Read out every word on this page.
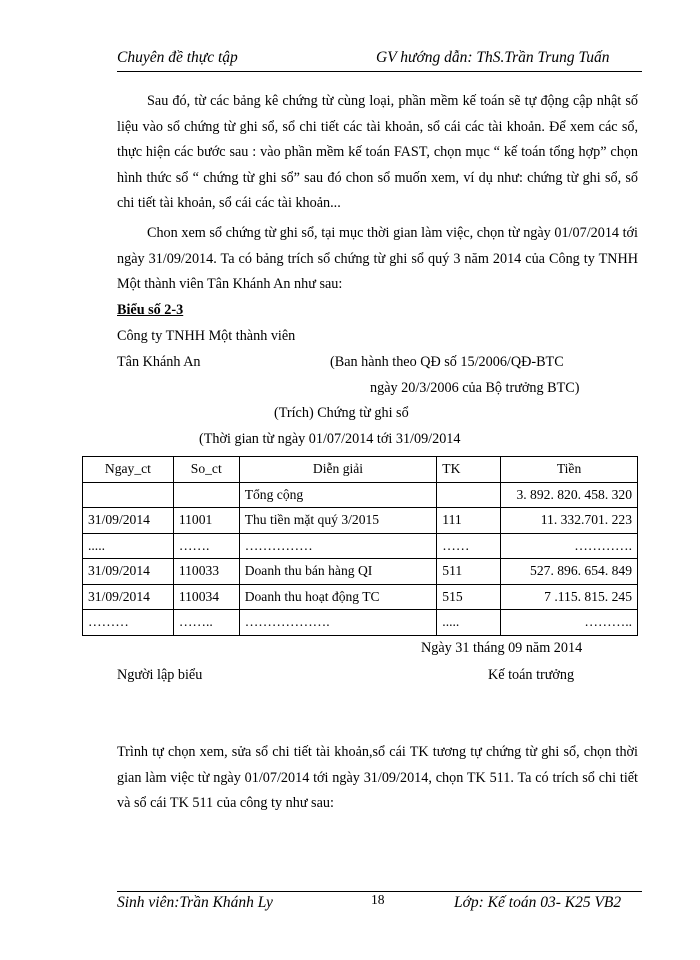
Chuyên đề thực tập	GV hướng dẫn: ThS.Trần Trung Tuấn
Sau đó, từ các bảng kê chứng từ cùng loại, phần mềm kế toán sẽ tự động cập nhật số liệu vào sổ chứng từ ghi sổ, sổ chi tiết các tài khoản, sổ cái các tài khoản. Để xem các sổ, thực hiện các bước sau : vào phần mềm kế toán FAST, chọn mục “ kế toán tổng hợp” chọn hình thức sổ “ chứng từ ghi sổ” sau đó chon sổ muốn xem, ví dụ như: chứng từ ghi sổ, sổ chi tiết tài khoản, sổ cái các tài khoản...
Chon xem sổ chứng từ ghi sổ, tại mục thời gian làm việc, chọn từ ngày 01/07/2014 tới ngày 31/09/2014. Ta có bảng trích sổ chứng từ ghi sổ quý 3 năm 2014 của Công ty TNHH Một thành viên Tân Khánh An như sau:
Biểu số 2-3
Công ty TNHH Một thành viên
Tân Khánh An	(Ban hành theo QĐ số 15/2006/QĐ-BTC
ngày 20/3/2006 của Bộ trưởng BTC)
(Trích) Chứng từ ghi sổ
(Thời gian từ ngày 01/07/2014 tới 31/09/2014
Ngay_ct	So_ct	Diễn giải	TK	Tiền
		Tổng cộng		3. 892. 820. 458. 320
31/09/2014	11001	Thu tiền mặt quý 3/2015	111	11. 332.701. 223
.....	…….	……………	……	………….
31/09/2014	110033	Doanh thu bán hàng QI	511	527. 896. 654. 849
31/09/2014	110034	Doanh thu hoạt động TC	515	7 .115. 815. 245
………	……..	……………….	.....	………..
Ngày 31 tháng 09 năm 2014
Người lập biểu	Kế toán trưởng
Trình tự chọn xem, sửa sổ chi tiết tài khoản,sổ cái TK tương tự chứng từ ghi sổ, chọn thời gian làm việc từ ngày 01/07/2014 tới ngày 31/09/2014, chọn TK 511. Ta có trích sổ chi tiết và sổ cái TK 511 của công ty như sau:
Sinh viên:Trần Khánh Ly	18	Lớp: Kế toán 03- K25 VB2
